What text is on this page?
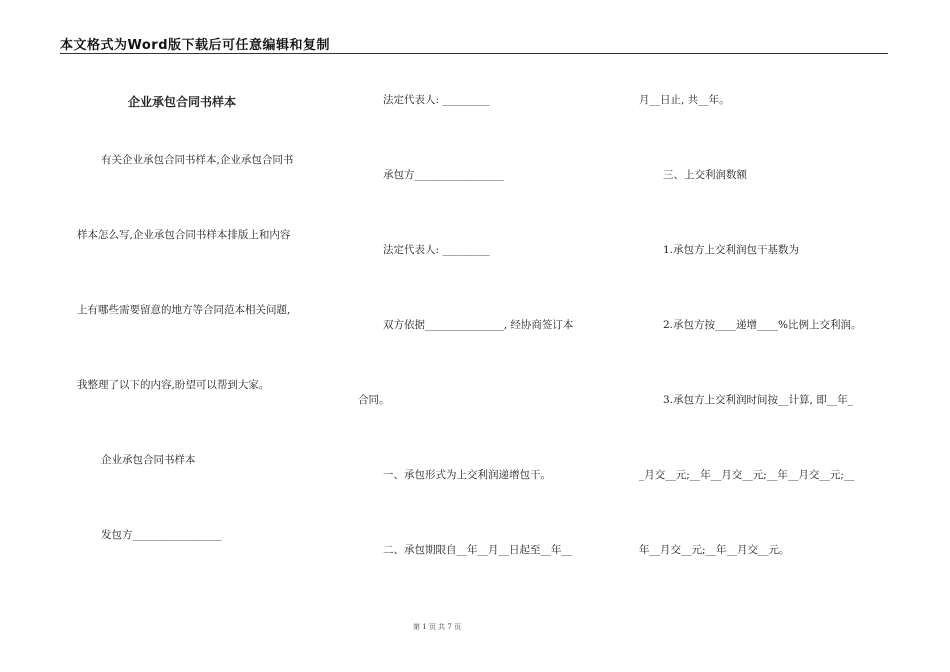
本文格式为Word版下载后可任意编辑和复制
企业承包合同书样本
有关企业承包合同书样本,企业承包合同书
样本怎么写,企业承包合同书样本排版上和内容
上有哪些需要留意的地方等合同范本相关问题,
我整理了以下的内容,盼望可以帮到大家。
企业承包合同书样本
发包方_________________
法定代表人: _________
承包方_________________
法定代表人: _________
双方依据_______________, 经协商签订本
合同。
一、承包形式为上交利润递增包干。
二、承包期限自__年__月__日起至__年__
月__日止, 共__年。
三、上交利润数额
1.承包方上交利润包干基数为
2.承包方按____递增____%比例上交利润。
3.承包方上交利润时间按__计算, 即__年_
_月交__元;__年__月交__元;__年__月交__元;__
年__月交__元;__年__月交__元。
第 1 页 共 7 页
